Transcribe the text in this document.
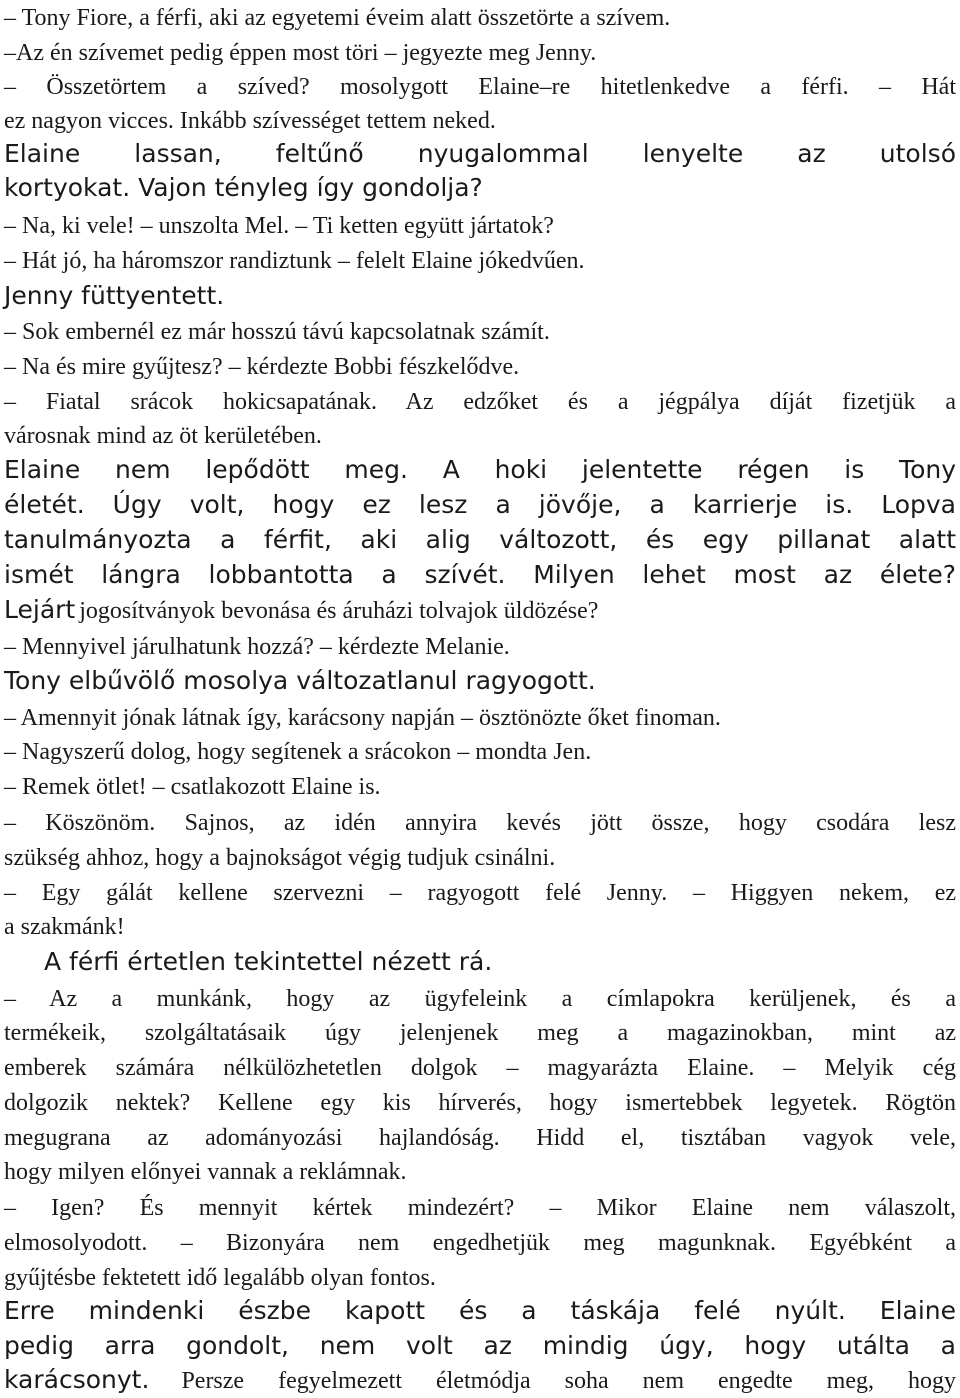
– Tony Fiore, a férfi, aki az egyetemi éveim alatt összetörte a szívem.
–Az én szívemet pedig éppen most töri – jegyezte meg Jenny.
– Összetörtem a szíved? mosolygott Elaine–re hitetlenkedve a férfi. – Hát
ez nagyon vicces. Inkább szívességet tettem neked.
Elaine lassan, feltűnő nyugalommal lenyelte az utolsó
kortyokat. Vajon tényleg így gondolja?
– Na, ki vele! – unszolta Mel. – Ti ketten együtt jártatok?
– Hát jó, ha háromszor randiztunk – felelt Elaine jókedvűen.
Jenny füttyentett.
– Sok embernél ez már hosszú távú kapcsolatnak számít.
– Na és mire gyűjtesz? – kérdezte Bobbi fészkelődve.
– Fiatal srácok hokicsapatának. Az edzőket és a jégpálya díját fizetjük a
városnak mind az öt kerületében.
Elaine nem lepődött meg. A hoki jelentette régen is Tony
életét. Úgy volt, hogy ez lesz a jövője, a karrierje is. Lopva
tanulmányozta a férfit, aki alig változott, és egy pillanat alatt
ismét lángra lobbantotta a szívét. Milyen lehet most az élete?
Lejárt jogosítványok bevonása és áruházi tolvajok üldözése?
– Mennyivel járulhatunk hozzá? – kérdezte Melanie.
Tony elbűvölő mosolya változatlanul ragyogott.
– Amennyit jónak látnak így, karácsony napján – ösztönözte őket finoman.
– Nagyszerű dolog, hogy segítenek a srácokon – mondta Jen.
– Remek ötlet! – csatlakozott Elaine is.
– Köszönöm. Sajnos, az idén annyira kevés jött össze, hogy csodára lesz
szükség ahhoz, hogy a bajnokságot végig tudjuk csinálni.
– Egy gálát kellene szervezni – ragyogott felé Jenny. – Higgyen nekem, ez
a szakmánk!
A férfi értetlen tekintettel nézett rá.
– Az a munkánk, hogy az ügyfeleink a címlapokra kerüljenek, és a
termékeik, szolgáltatásaik úgy jelenjenek meg a magazinokban, mint az
emberek számára nélkülözhetetlen dolgok – magyarázta Elaine. – Melyik cég
dolgozik nektek? Kellene egy kis hírverés, hogy ismertebbek legyetek. Rögtön
megugrana az adományozási hajlandóság. Hidd el, tisztában vagyok vele,
hogy milyen előnyei vannak a reklámnak.
– Igen? És mennyit kértek mindezért? – Mikor Elaine nem válaszolt,
elmosolyodott. – Bizonyára nem engedhetjük meg magunknak. Egyébként a
gyűjtésbe fektetett idő legalább olyan fontos.
Erre mindenki észbe kapott és a táskája felé nyúlt. Elaine
pedig arra gondolt, nem volt az mindig úgy, hogy utálta a
karácsonyt. Persze fegyelmezett életmódja soha nem engedte meg, hogy
